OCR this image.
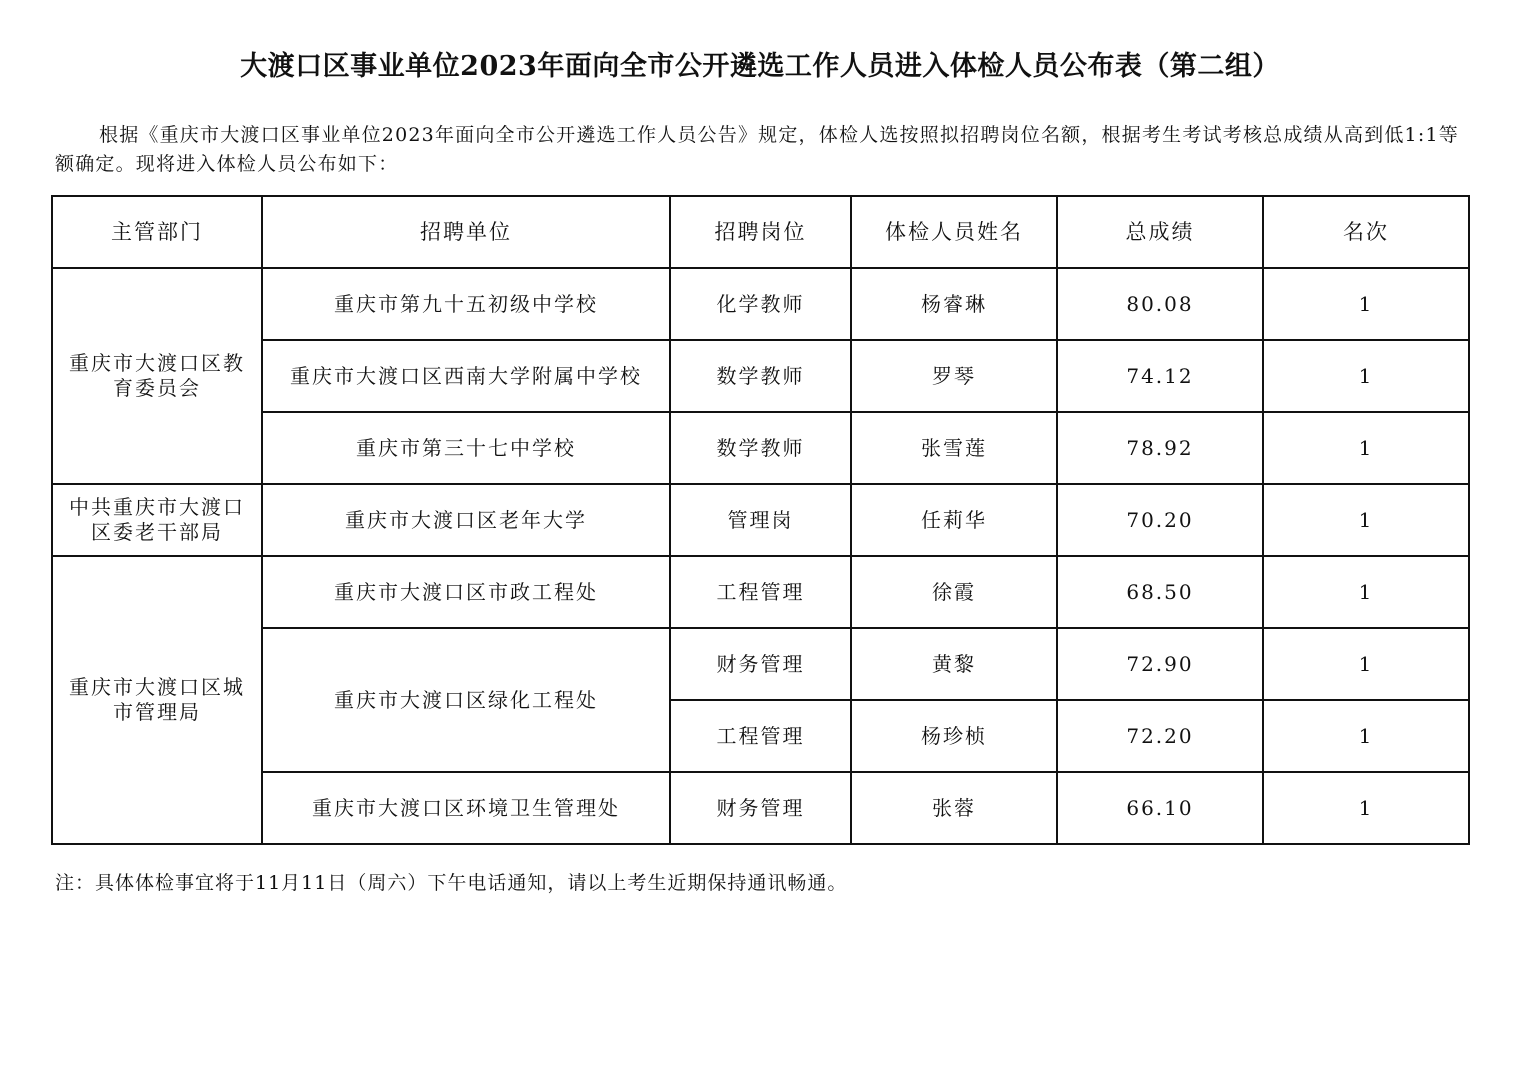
大渡口区事业单位2023年面向全市公开遴选工作人员进入体检人员公布表（第二组）
根据《重庆市大渡口区事业单位2023年面向全市公开遴选工作人员公告》规定，体检人选按照拟招聘岗位名额，根据考生考试考核总成绩从高到低1:1等额确定。现将进入体检人员公布如下：
主管部门	招聘单位	招聘岗位	体检人员姓名	总成绩	名次
重庆市大渡口区教育委员会	重庆市第九十五初级中学校	化学教师	杨睿琳	80.08	1
	重庆市大渡口区西南大学附属中学校	数学教师	罗琴	74.12	1
	重庆市第三十七中学校	数学教师	张雪莲	78.92	1
中共重庆市大渡口区委老干部局	重庆市大渡口区老年大学	管理岗	任莉华	70.20	1
重庆市大渡口区城市管理局	重庆市大渡口区市政工程处	工程管理	徐霞	68.50	1
	重庆市大渡口区绿化工程处	财务管理	黄黎	72.90	1
		工程管理	杨珍桢	72.20	1
	重庆市大渡口区环境卫生管理处	财务管理	张蓉	66.10	1
注：具体体检事宜将于11月11日（周六）下午电话通知，请以上考生近期保持通讯畅通。
